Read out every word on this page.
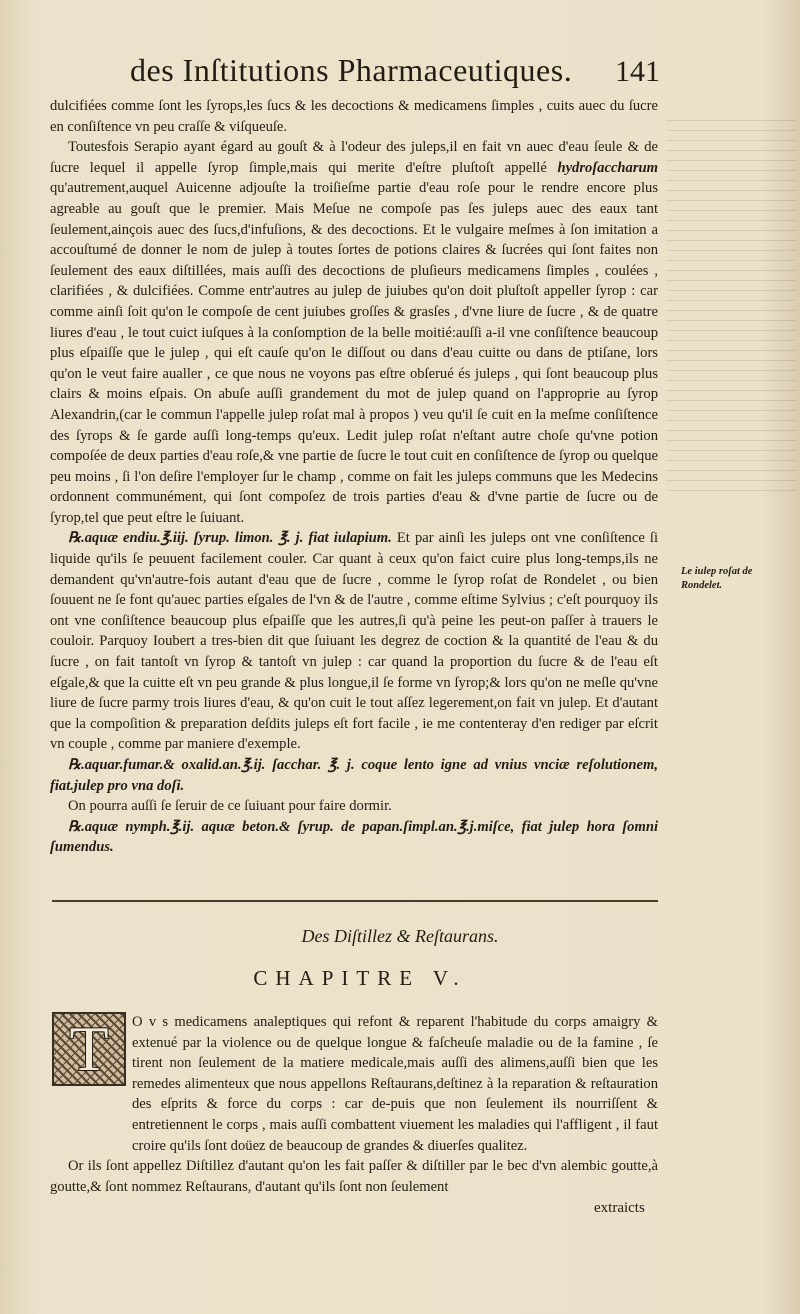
des Inſtitutions Pharmaceutiques. 141

dulcifiées comme ſont les ſyrops,les ſucs & les decoctions & medicamens ſimples , cuits auec du ſucre en conſiſtence vn peu craſſe & viſqueuſe.

Toutesfois Serapio ayant égard au gouſt & à l'odeur des juleps,il en fait vn auec d'eau ſeule & de ſucre lequel il appelle ſyrop ſimple,mais qui merite d'eſtre pluſtoſt appellé hydroſaccharum qu'autrement,auquel Auicenne adjouſte la troiſieſme partie d'eau roſe pour le rendre encore plus agreable au gouſt que le premier. Mais Meſue ne compoſe pas ſes juleps auec des eaux tant ſeulement,ainçois auec des ſucs,d'infuſions, & des decoctions. Et le vulgaire meſmes à ſon imitation a accouſtumé de donner le nom de julep à toutes ſortes de potions claires & ſucrées qui ſont faites non ſeulement des eaux diſtillées, mais auſſi des decoctions de pluſieurs medicamens ſimples , coulées , clarifiées , & dulcifiées. Comme entr'autres au julep de juiubes qu'on doit pluſtoſt appeller ſyrop : car comme ainſi ſoit qu'on le compoſe de cent juiubes groſſes & grasſes , d'vne liure de ſucre , & de quatre liures d'eau , le tout cuict iuſques à la conſomption de la belle moitié:auſſi a-il vne conſiſtence beaucoup plus eſpaiſſe que le julep , qui eſt cauſe qu'on le diſſout ou dans d'eau cuitte ou dans de ptiſane, lors qu'on le veut faire aualler , ce que nous ne voyons pas eſtre obſerué és juleps , qui ſont beaucoup plus clairs & moins eſpais. On abuſe auſſi grandement du mot de julep quand on l'approprie au ſyrop Alexandrin,(car le commun l'appelle julep roſat mal à propos ) veu qu'il ſe cuit en la meſme conſiſtence des ſyrops & ſe garde auſſi long-temps qu'eux. Ledit julep roſat n'eſtant autre choſe qu'vne potion compoſée de deux parties d'eau roſe,& vne partie de ſucre le tout cuit en conſiſtence de ſyrop ou quelque peu moins , ſi l'on deſire l'employer ſur le champ , comme on fait les juleps communs que les Medecins ordonnent communément, qui ſont compoſez de trois parties d'eau & d'vne partie de ſucre ou de ſyrop,tel que peut eſtre le ſuiuant.

℞.aquæ endiu.℥.iij. ſyrup. limon. ℥. j. fiat iulapium. Et par ainſi les juleps ont vne conſiſtence ſi liquide qu'ils ſe peuuent facilement couler. Car quant à ceux qu'on faict cuire plus long-temps,ils ne demandent qu'vn'autre-fois autant d'eau que de ſucre , comme le ſyrop roſat de Rondelet , ou bien ſouuent ne ſe font qu'auec parties eſgales de l'vn & de l'autre , comme eſtime Sylvius ; c'eſt pourquoy ils ont vne conſiſtence beaucoup plus eſpaiſſe que les autres,ſi qu'à peine les peut-on paſſer à trauers le couloir. Parquoy Ioubert a tres-bien dit que ſuiuant les degrez de coction & la quantité de l'eau & du ſucre , on fait tantoſt vn ſyrop & tantoſt vn julep : car quand la proportion du ſucre & de l'eau eſt eſgale,& que la cuitte eſt vn peu grande & plus longue,il ſe forme vn ſyrop;& lors qu'on ne meſle qu'vne liure de ſucre parmy trois liures d'eau, & qu'on cuit le tout aſſez legerement,on fait vn julep. Et d'autant que la compoſition & preparation deſdits juleps eſt fort facile , ie me contenteray d'en rediger par eſcrit vn couple , comme par maniere d'exemple.

℞.aquar.fumar.& oxalid.an.℥.ij. ſacchar. ℥. j. coque lento igne ad vnius vnciæ reſolutionem, fiat.julep pro vna doſi.

On pourra auſſi ſe ſeruir de ce ſuiuant pour faire dormir.

℞.aquæ nymph.℥.ij. aquæ beton.& ſyrup. de papan.ſimpl.an.℥.j.miſce, fiat julep hora ſomni ſumendus.

Le iulep roſat de Rondelet.
Des Diſtillez & Reſtaurans.
CHAPITRE V.

O v s medicamens analeptiques qui refont & reparent l'habitude du corps amaigry & extenué par la violence ou de quelque longue & faſcheuſe maladie ou de la famine , ſe tirent non ſeulement de la matiere medicale,mais auſſi des alimens,auſſi bien que les remedes alimenteux que nous appellons Reſtaurans,deſtinez à la reparation & reſtauration des eſprits & force du corps : car de-puis que non ſeulement ils nourriſſent & entretiennent le corps , mais auſſi combattent viuement les maladies qui l'affligent , il faut croire qu'ils ſont doüez de beaucoup de grandes & diuerſes qualitez.

Or ils ſont appellez Diſtillez d'autant qu'on les fait paſſer & diſtiller par le bec d'vn alembic goutte,à goutte,& ſont nommez Reſtaurans, d'autant qu'ils ſont non ſeulement

T
extraicts
